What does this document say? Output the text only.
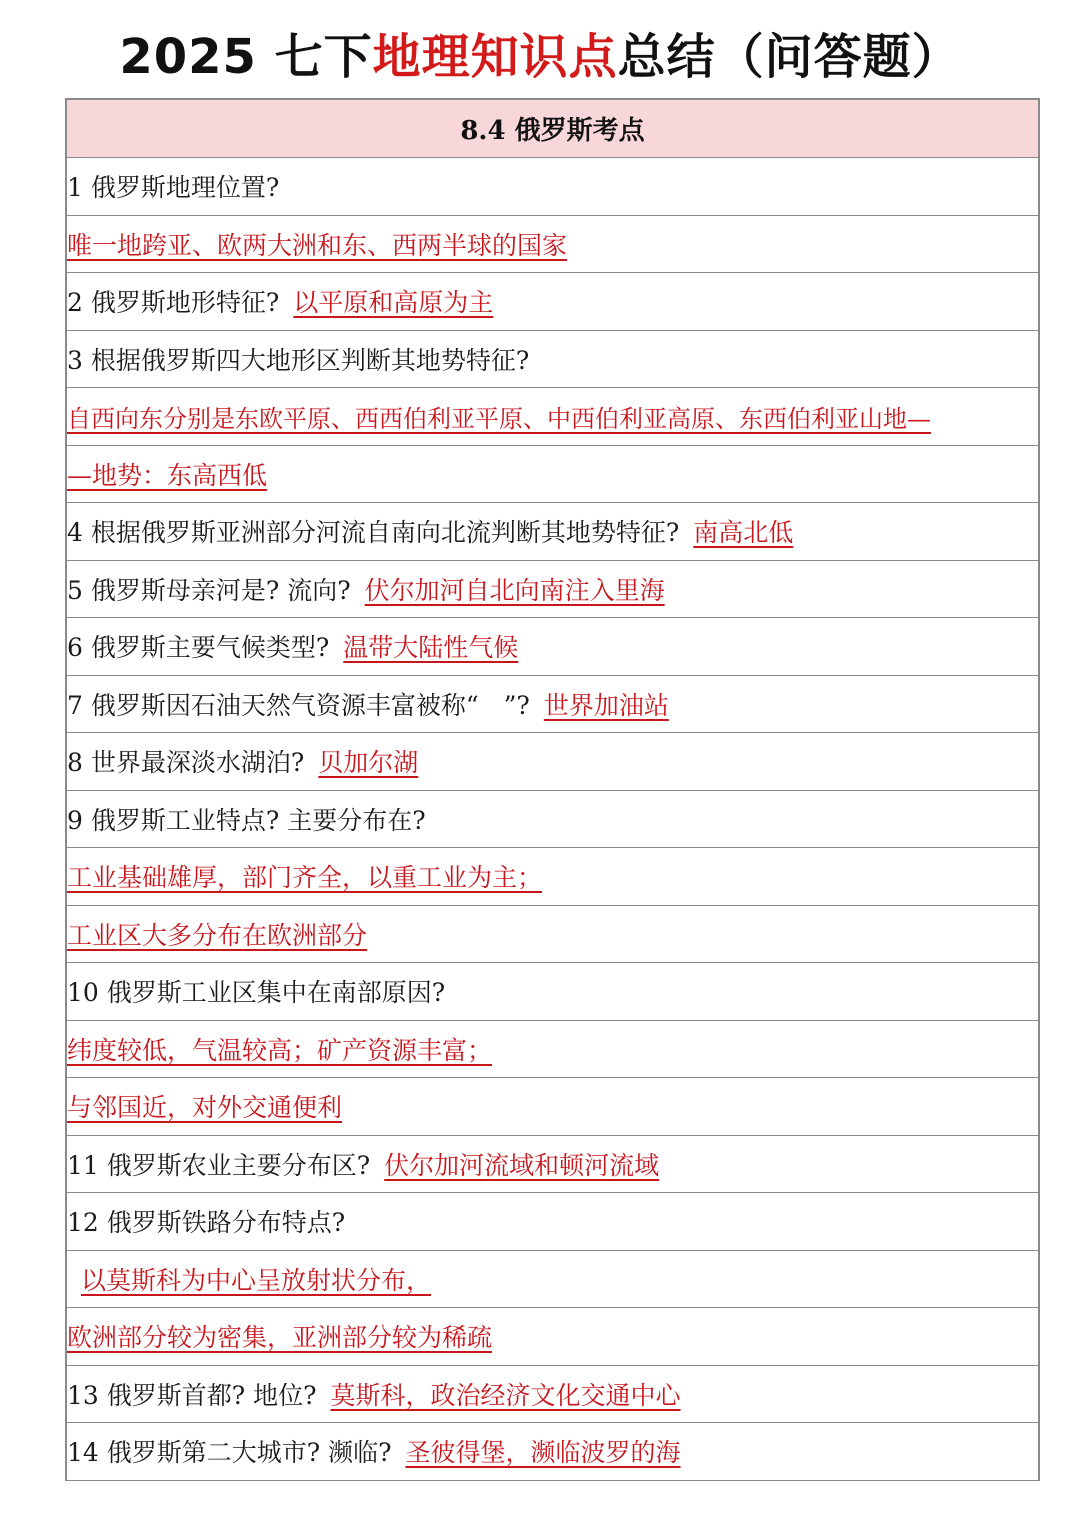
2025 七下地理知识点总结（问答题）
8.4 俄罗斯考点
1 俄罗斯地理位置?
唯一地跨亚、欧两大洲和东、西两半球的国家
2 俄罗斯地形特征? 以平原和高原为主
3 根据俄罗斯四大地形区判断其地势特征?
自西向东分别是东欧平原、西西伯利亚平原、中西伯利亚高原、东西伯利亚山地—
—地势：东高西低
4 根据俄罗斯亚洲部分河流自南向北流判断其地势特征? 南高北低
5 俄罗斯母亲河是? 流向? 伏尔加河自北向南注入里海
6 俄罗斯主要气候类型? 温带大陆性气候
7 俄罗斯因石油天然气资源丰富被称“　”? 世界加油站
8 世界最深淡水湖泊? 贝加尔湖
9 俄罗斯工业特点? 主要分布在?
工业基础雄厚，部门齐全，以重工业为主；
工业区大多分布在欧洲部分
10 俄罗斯工业区集中在南部原因?
纬度较低，气温较高；矿产资源丰富；
与邻国近，对外交通便利
11 俄罗斯农业主要分布区? 伏尔加河流域和顿河流域
12 俄罗斯铁路分布特点?
以莫斯科为中心呈放射状分布，
欧洲部分较为密集，亚洲部分较为稀疏
13 俄罗斯首都? 地位? 莫斯科，政治经济文化交通中心
14 俄罗斯第二大城市? 濒临? 圣彼得堡，濒临波罗的海
